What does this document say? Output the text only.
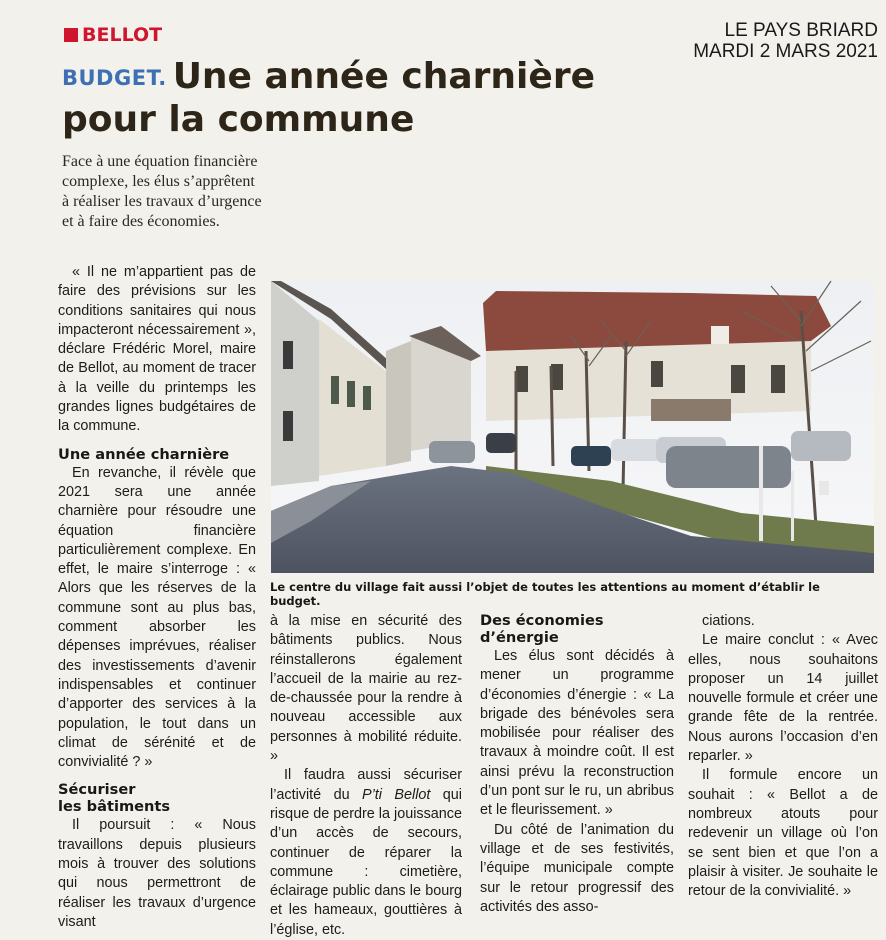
BELLOT	LE PAYS BRIARD
MARDI 2 MARS 2021
BUDGET. Une année charnière
pour la commune
Face à une équation financière complexe, les élus s’apprêtent à réaliser les travaux d’urgence et à faire des économies.

« Il ne m’appartient pas de faire des prévisions sur les conditions sanitaires qui nous impacteront nécessairement », déclare Frédéric Morel, maire de Bellot, au moment de tracer à la veille du printemps les grandes lignes budgétaires de la commune.

Une année charnière

En revanche, il révèle que 2021 sera une année charnière pour résoudre une équation financière particulièrement complexe. En effet, le maire s’interroge : « Alors que les réserves de la commune sont au plus bas, comment absorber les dépenses imprévues, réaliser des investissements d’avenir indispensables et continuer d’apporter des services à la population, le tout dans un climat de sérénité et de convivialité ? »

Sécuriser
les bâtiments

Il poursuit : « Nous travaillons depuis plusieurs mois à trouver des solutions qui nous permettront de réaliser les travaux d’urgence visant

Le centre du village fait aussi l’objet de toutes les attentions au moment d’établir le budget.

à la mise en sécurité des bâtiments publics. Nous réinstallerons également l’accueil de la mairie au rez-de-chaussée pour la rendre à nouveau accessible aux personnes à mobilité réduite. »

Il faudra aussi sécuriser l’activité du P’ti Bellot qui risque de perdre la jouissance d’un accès de secours, continuer de réparer la commune : cimetière, éclairage public dans le bourg et les hameaux, gouttières à l’église, etc.

Des économies
d’énergie

Les élus sont décidés à mener un programme d’économies d’énergie : « La brigade des bénévoles sera mobilisée pour réaliser des travaux à moindre coût. Il est ainsi prévu la reconstruction d’un pont sur le ru, un abribus et le fleurissement. »

Du côté de l’animation du village et de ses festivités, l’équipe municipale compte sur le retour progressif des activités des asso-

ciations.

Le maire conclut : « Avec elles, nous souhaitons proposer un 14 juillet nouvelle formule et créer une grande fête de la rentrée. Nous aurons l’occasion d’en reparler. »

Il formule encore un souhait : « Bellot a de nombreux atouts pour redevenir un village où l’on se sent bien et que l’on a plaisir à visiter. Je souhaite le retour de la convivialité. »
